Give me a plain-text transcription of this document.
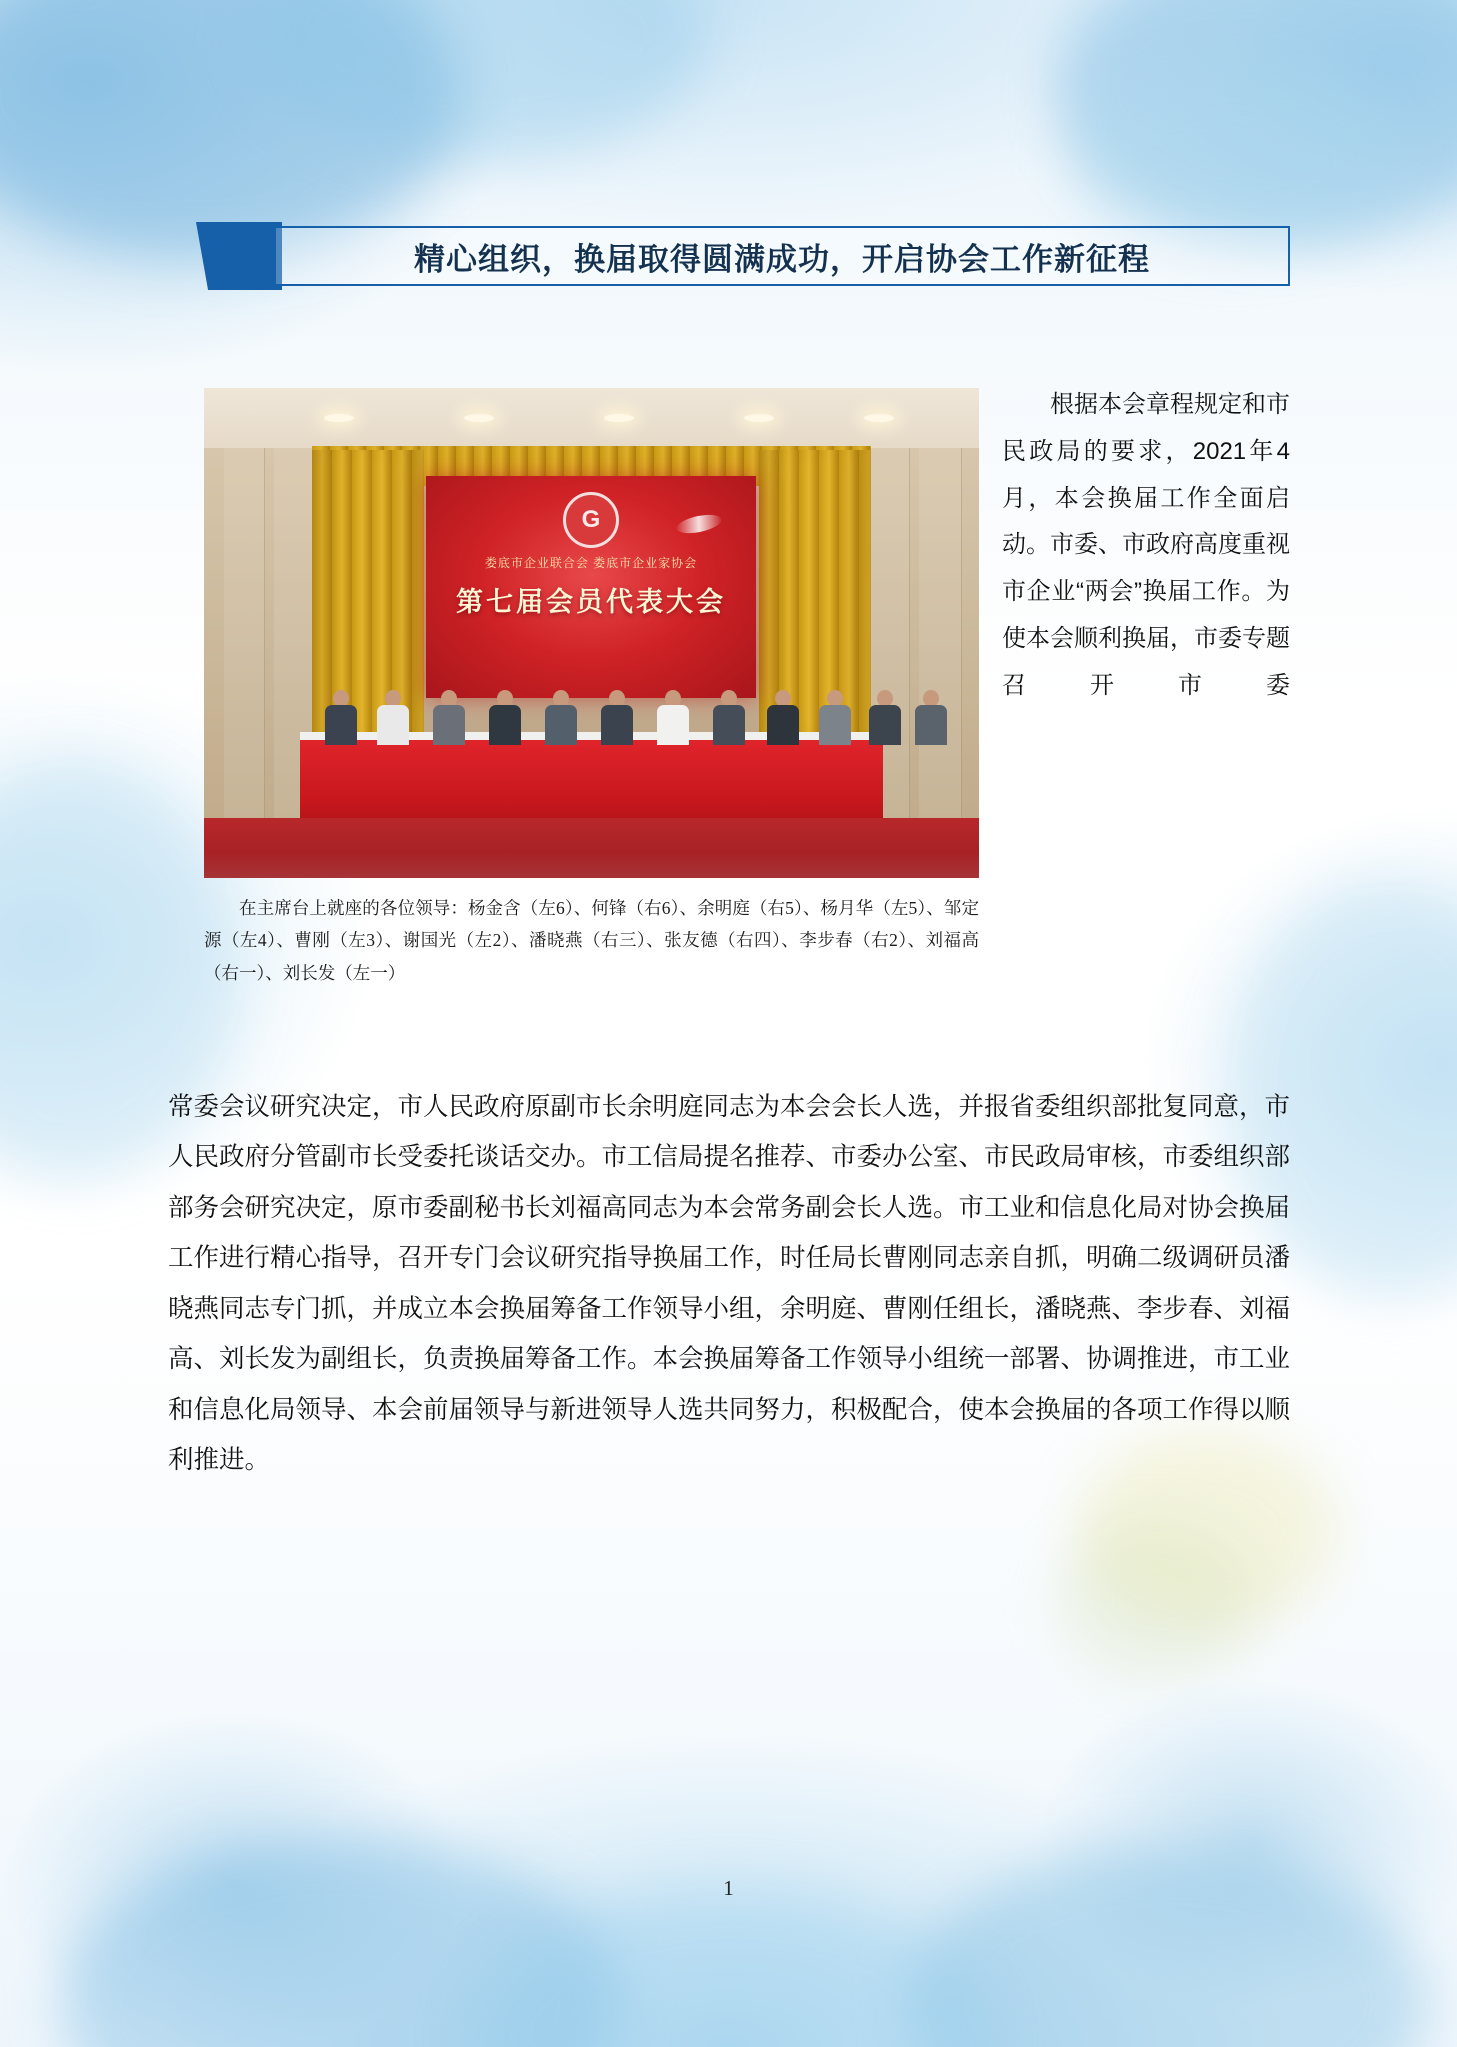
精心组织，换届取得圆满成功，开启协会工作新征程
G
娄底市企业联合会 娄底市企业家协会
第七届会员代表大会
在主席台上就座的各位领导：杨金含（左6）、何锋（右6）、余明庭（右5）、杨月华（左5）、邹定源（左4）、曹刚（左3）、谢国光（左2）、潘晓燕（右三）、张友德（右四）、李步春（右2）、刘福高（右一）、刘长发（左一）
根据本会章程规定和市民政局的要求，2021年4月，本会换届工作全面启动。市委、市政府高度重视市企业“两会”换届工作。为使本会顺利换届，市委专题召开市委
常委会议研究决定，市人民政府原副市长余明庭同志为本会会长人选，并报省委组织部批复同意，市人民政府分管副市长受委托谈话交办。市工信局提名推荐、市委办公室、市民政局审核，市委组织部部务会研究决定，原市委副秘书长刘福高同志为本会常务副会长人选。市工业和信息化局对协会换届工作进行精心指导，召开专门会议研究指导换届工作，时任局长曹刚同志亲自抓，明确二级调研员潘晓燕同志专门抓，并成立本会换届筹备工作领导小组，余明庭、曹刚任组长，潘晓燕、李步春、刘福高、刘长发为副组长，负责换届筹备工作。本会换届筹备工作领导小组统一部署、协调推进，市工业和信息化局领导、本会前届领导与新进领导人选共同努力，积极配合，使本会换届的各项工作得以顺利推进。
1
